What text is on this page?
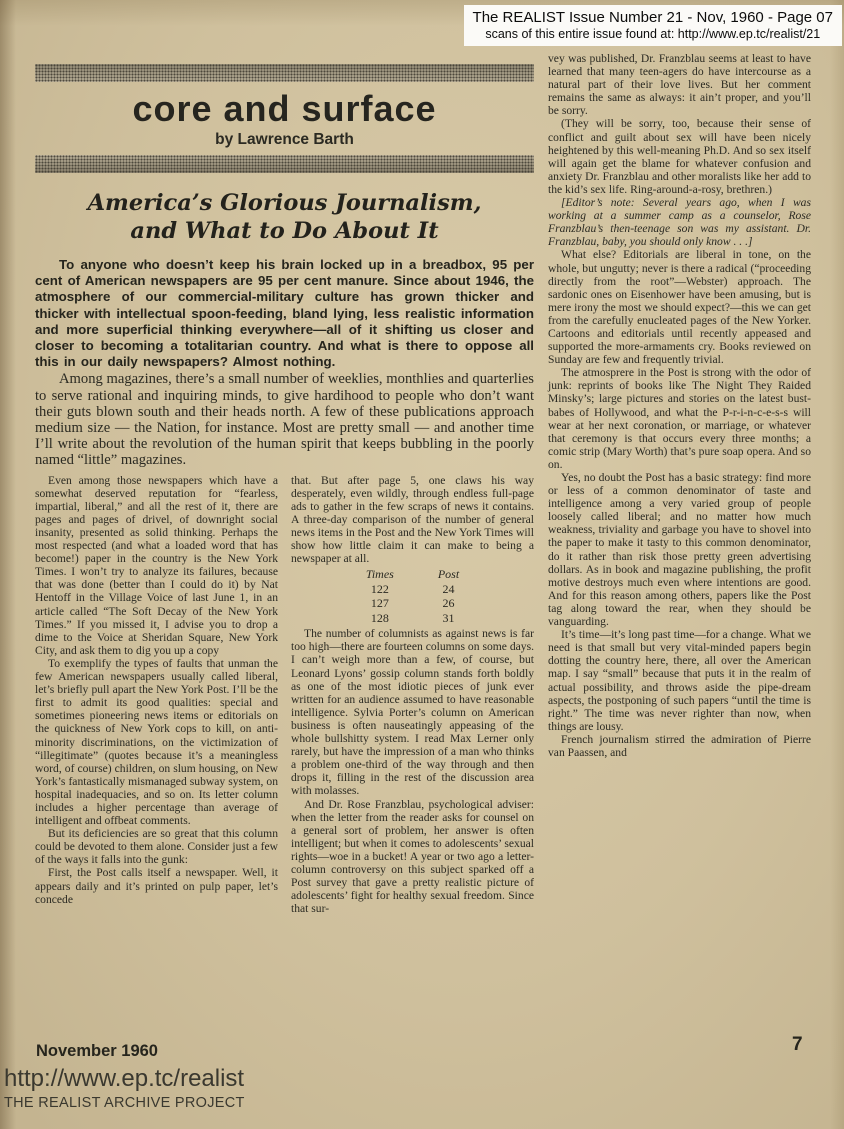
The REALIST Issue Number 21 - Nov, 1960 - Page 07
scans of this entire issue found at: http://www.ep.tc/realist/21
core and surface
by Lawrence Barth
America’s Glorious Journalism,
and What to Do About It

To anyone who doesn’t keep his brain locked up in a breadbox, 95 per cent of American newspapers are 95 per cent manure. Since about 1946, the atmosphere of our commercial-military culture has grown thicker and thicker with intellectual spoon-feeding, bland lying, less realistic information and more superficial thinking everywhere—all of it shifting us closer and closer to becoming a totalitarian country. And what is there to oppose all this in our daily newspapers? Almost nothing.

Among magazines, there’s a small number of weeklies, monthlies and quarterlies to serve rational and inquiring minds, to give hardihood to people who don’t want their guts blown south and their heads north. A few of these publications approach medium size — the Nation, for instance. Most are pretty small — and another time I’ll write about the revolution of the human spirit that keeps bubbling in the poorly named “little” magazines.

Even among those newspapers which have a somewhat deserved reputation for “fearless, impartial, liberal,” and all the rest of it, there are pages and pages of drivel, of downright social insanity, presented as solid thinking. Perhaps the most respected (and what a loaded word that has become!) paper in the country is the New York Times. I won’t try to analyze its failures, because that was done (better than I could do it) by Nat Hentoff in the Village Voice of last June 1, in an article called “The Soft Decay of the New York Times.” If you missed it, I advise you to drop a dime to the Voice at Sheridan Square, New York City, and ask them to dig you up a copy

To exemplify the types of faults that unman the few American newspapers usually called liberal, let’s briefly pull apart the New York Post. I’ll be the first to admit its good qualities: special and sometimes pioneering news items or editorials on the quickness of New York cops to kill, on anti-minority discriminations, on the victimization of “illegitimate” (quotes because it’s a meaningless word, of course) children, on slum housing, on New York’s fantastically mismanaged subway system, on hospital inadequacies, and so on. Its letter column includes a higher percentage than average of intelligent and offbeat comments.

But its deficiencies are so great that this column could be devoted to them alone. Consider just a few of the ways it falls into the gunk:

First, the Post calls itself a newspaper. Well, it appears daily and it’s printed on pulp paper, let’s concede

that. But after page 5, one claws his way desperately, even wildly, through endless full-page ads to gather in the few scraps of news it contains. A three-day comparison of the number of general news items in the Post and the New York Times will show how little claim it can make to being a newspaper at all.

Times	Post
122	24
127	26
128	31

The number of columnists as against news is far too high—there are fourteen columns on some days. I can’t weigh more than a few, of course, but Leonard Lyons’ gossip column stands forth boldly as one of the most idiotic pieces of junk ever written for an audience assumed to have reasonable intelligence. Sylvia Porter’s column on American business is often nauseatingly appeasing of the whole bullshitty system. I read Max Lerner only rarely, but have the impression of a man who thinks a problem one-third of the way through and then drops it, filling in the rest of the discussion area with molasses.

And Dr. Rose Franzblau, psychological adviser: when the letter from the reader asks for counsel on a general sort of problem, her answer is often intelligent; but when it comes to adolescents’ sexual rights—woe in a bucket! A year or two ago a letter-column controversy on this subject sparked off a Post survey that gave a pretty realistic picture of adolescents’ fight for healthy sexual freedom. Since that sur-

vey was published, Dr. Franzblau seems at least to have learned that many teen-agers do have intercourse as a natural part of their love lives. But her comment remains the same as always: it ain’t proper, and you’ll be sorry.

(They will be sorry, too, because their sense of conflict and guilt about sex will have been nicely heightened by this well-meaning Ph.D. And so sex itself will again get the blame for whatever confusion and anxiety Dr. Franzblau and other moralists like her add to the kid’s sex life. Ring-around-a-rosy, brethren.)

[Editor’s note: Several years ago, when I was working at a summer camp as a counselor, Rose Franzblau’s then-teenage son was my assistant. Dr. Franzblau, baby, you should only know . . .]

What else? Editorials are liberal in tone, on the whole, but ungutty; never is there a radical (“proceeding directly from the root”—Webster) approach. The sardonic ones on Eisenhower have been amusing, but is mere irony the most we should expect?—this we can get from the carefully enucleated pages of the New Yorker. Cartoons and editorials until recently appeased and supported the more-armaments cry. Books reviewed on Sunday are few and frequently trivial.

The atmosprere in the Post is strong with the odor of junk: reprints of books like The Night They Raided Minsky’s; large pictures and stories on the latest bust-babes of Hollywood, and what the P-r-i-n-c-e-s-s will wear at her next coronation, or marriage, or whatever that ceremony is that occurs every three months; a comic strip (Mary Worth) that’s pure soap opera. And so on.

Yes, no doubt the Post has a basic strategy: find more or less of a common denominator of taste and intelligence among a very varied group of people loosely called liberal; and no matter how much weakness, triviality and garbage you have to shovel into the paper to make it tasty to this common denominator, do it rather than risk those pretty green advertising dollars. As in book and magazine publishing, the profit motive destroys much even where intentions are good. And for this reason among others, papers like the Post tag along toward the rear, when they should be vanguarding.

It’s time—it’s long past time—for a change. What we need is that small but very vital-minded papers begin dotting the country here, there, all over the American map. I say “small” because that puts it in the realm of actual possibility, and throws aside the pipe-dream aspects, the postponing of such papers “until the time is right.” The time was never righter than now, when things are lousy.

French journalism stirred the admiration of Pierre van Paassen, and

November 1960	7
http://www.ep.tc/realist
THE REALIST ARCHIVE PROJECT
